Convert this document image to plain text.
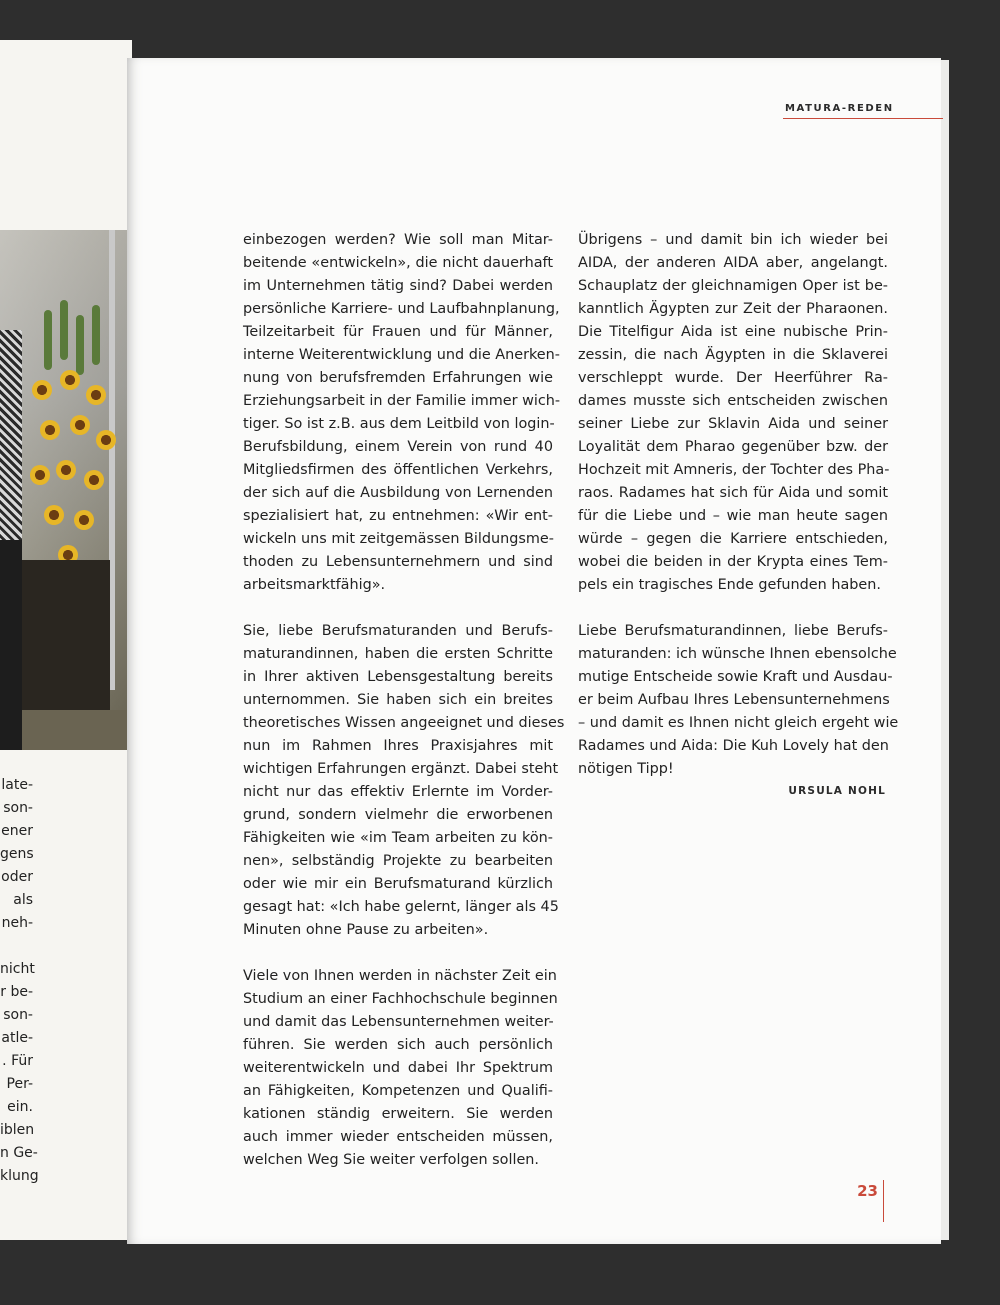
late-
son-
ener
gens
oder
als
neh-
nicht
r be-
son-
atle-
. Für
Per-
ein.
iblen
n Ge-
klung
MATURA-REDEN
einbezogen werden? Wie soll man Mitar-
beitende «entwickeln», die nicht dauerhaft
im Unternehmen tätig sind? Dabei werden
persönliche Karriere- und Laufbahnplanung,
Teilzeitarbeit für Frauen und für Männer,
interne Weiterentwicklung und die Anerken-
nung von berufsfremden Erfahrungen wie
Erziehungsarbeit in der Familie immer wich-
tiger. So ist z.B. aus dem Leitbild von login-
Berufsbildung, einem Verein von rund 40
Mitgliedsfirmen des öffentlichen Verkehrs,
der sich auf die Ausbildung von Lernenden
spezialisiert hat, zu entnehmen: «Wir ent-
wickeln uns mit zeitgemässen Bildungsme-
thoden zu Lebensunternehmern und sind
arbeitsmarktfähig».
Sie, liebe Berufsmaturanden und Berufs-
maturandinnen, haben die ersten Schritte
in Ihrer aktiven Lebensgestaltung bereits
unternommen. Sie haben sich ein breites
theoretisches Wissen angeeignet und dieses
nun im Rahmen Ihres Praxisjahres mit
wichtigen Erfahrungen ergänzt. Dabei steht
nicht nur das effektiv Erlernte im Vorder-
grund, sondern vielmehr die erworbenen
Fähigkeiten wie «im Team arbeiten zu kön-
nen», selbständig Projekte zu bearbeiten
oder wie mir ein Berufsmaturand kürzlich
gesagt hat: «Ich habe gelernt, länger als 45
Minuten ohne Pause zu arbeiten».
Viele von Ihnen werden in nächster Zeit ein
Studium an einer Fachhochschule beginnen
und damit das Lebensunternehmen weiter-
führen. Sie werden sich auch persönlich
weiterentwickeln und dabei Ihr Spektrum
an Fähigkeiten, Kompetenzen und Qualifi-
kationen ständig erweitern. Sie werden
auch immer wieder entscheiden müssen,
welchen Weg Sie weiter verfolgen sollen.
Übrigens – und damit bin ich wieder bei
AIDA, der anderen AIDA aber, angelangt.
Schauplatz der gleichnamigen Oper ist be-
kanntlich Ägypten zur Zeit der Pharaonen.
Die Titelfigur Aida ist eine nubische Prin-
zessin, die nach Ägypten in die Sklaverei
verschleppt wurde. Der Heerführer Ra-
dames musste sich entscheiden zwischen
seiner Liebe zur Sklavin Aida und seiner
Loyalität dem Pharao gegenüber bzw. der
Hochzeit mit Amneris, der Tochter des Pha-
raos. Radames hat sich für Aida und somit
für die Liebe und – wie man heute sagen
würde – gegen die Karriere entschieden,
wobei die beiden in der Krypta eines Tem-
pels ein tragisches Ende gefunden haben.
Liebe Berufsmaturandinnen, liebe Berufs-
maturanden: ich wünsche Ihnen ebensolche
mutige Entscheide sowie Kraft und Ausdau-
er beim Aufbau Ihres Lebensunternehmens
– und damit es Ihnen nicht gleich ergeht wie
Radames und Aida: Die Kuh Lovely hat den
nötigen Tipp!
URSULA NOHL
23
